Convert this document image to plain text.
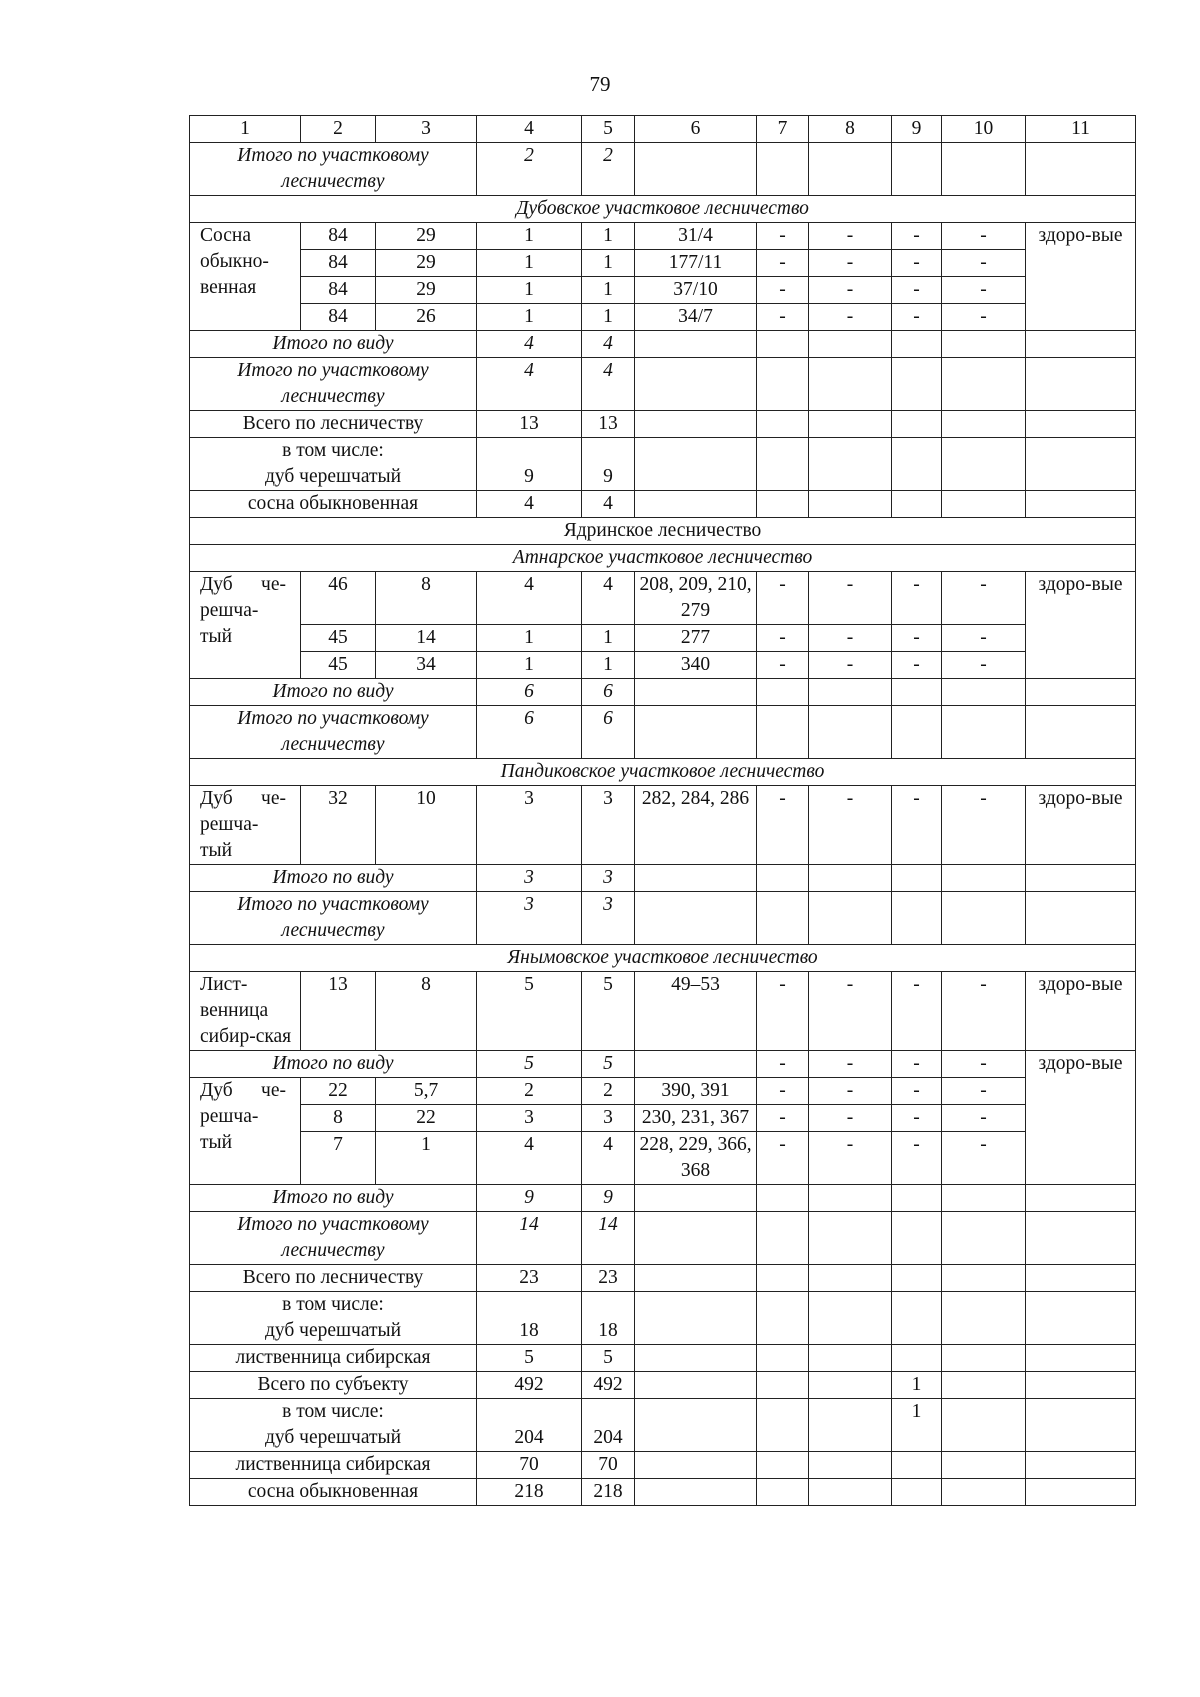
79
1	2	3	4	5	6	7	8	9	10	11
Итого по участковому лесничеству			2	2						
Дубовское участковое лесничество										
Сосна обыкно-венная	84	29	1	1	31/4	-	-	-	-	здоро-вые
	84	29	1	1	177/11	-	-	-	-	
	84	29	1	1	37/10	-	-	-	-	
	84	26	1	1	34/7	-	-	-	-	
Итого по виду			4	4						
Итого по участковому лесничеству			4	4						
Всего по лесничеству			13	13						

в том числе:
дуб черешчатый			9	9						
сосна обыкновенная			4	4						
Ядринское лесничество										
Атнарское участковое лесничество										
Дуб че-решча-тый	46	8	4	4	208, 209, 210, 279	-	-	-	-	здоро-вые
	45	14	1	1	277	-	-	-	-	
	45	34	1	1	340	-	-	-	-	
Итого по виду			6	6						
Итого по участковому лесничеству			6	6						
Пандиковское участковое лесничество										
Дуб че-решча-тый	32	10	3	3	282, 284, 286	-	-	-	-	здоро-вые
Итого по виду			3	3						
Итого по участковому лесничеству			3	3						
Янымовское участковое лесничество										
Лист-венница сибир-ская	13	8	5	5	49–53	-	-	-	-	здоро-вые
Итого по виду			5	5		-	-	-	-	здоро-вые
Дуб че-решча-тый	22	5,7	2	2	390, 391	-	-	-	-	
	8	22	3	3	230, 231, 367	-	-	-	-	
	7	1	4	4	228, 229, 366, 368	-	-	-	-	
Итого по виду			9	9						
Итого по участковому лесничеству			14	14						
Всего по лесничеству			23	23						

в том числе:
дуб черешчатый			18	18						
лиственница сибирская			5	5						
Всего по субъекту			492	492				1		

в том числе:
дуб черешчатый			204	204				1		
лиственница сибирская			70	70						
сосна обыкновенная			218	218						
